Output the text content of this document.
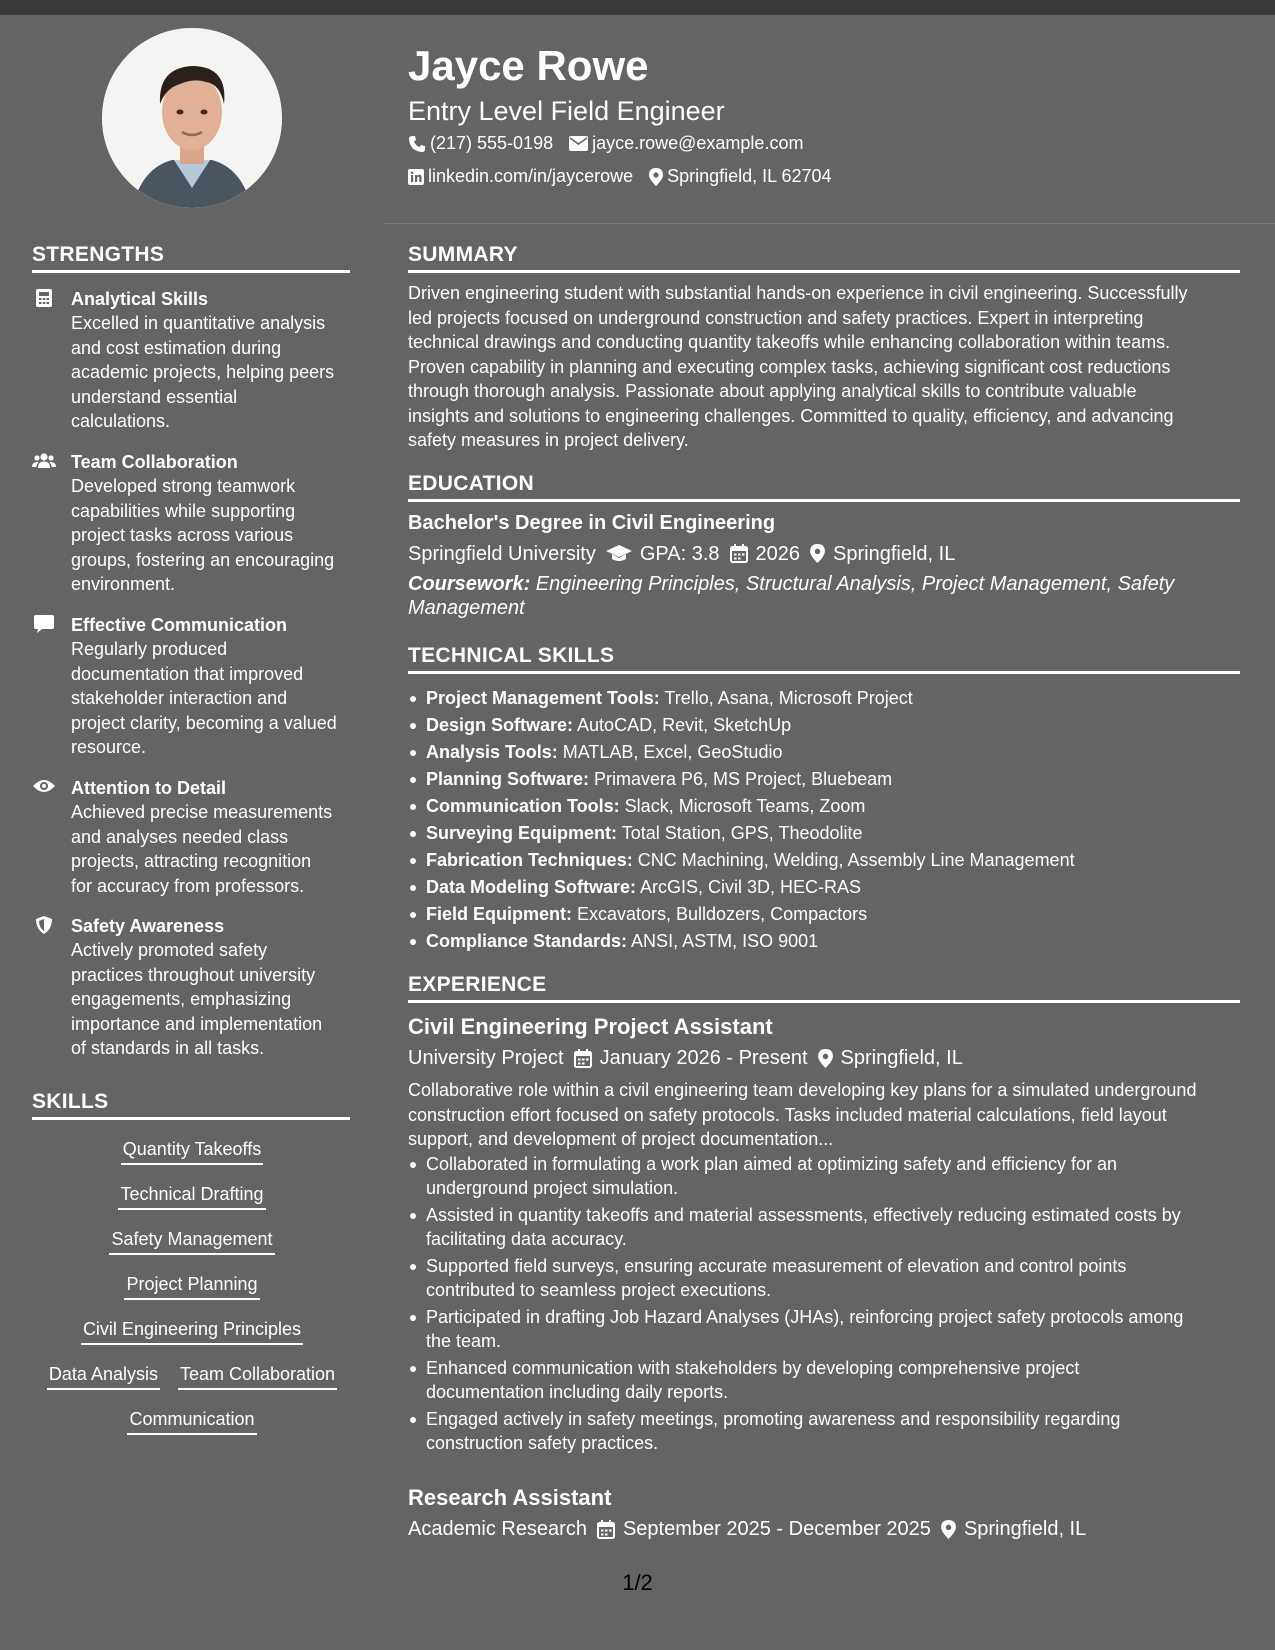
Jayce Rowe
Entry Level Field Engineer
(217) 555-0198 jayce.rowe@example.com
linkedin.com/in/jaycerowe Springfield, IL 62704
STRENGTHS
Analytical Skills
Excelled in quantitative analysis
and cost estimation during
academic projects, helping peers
understand essential
calculations.
Team Collaboration
Developed strong teamwork
capabilities while supporting
project tasks across various
groups, fostering an encouraging
environment.
Effective Communication
Regularly produced
documentation that improved
stakeholder interaction and
project clarity, becoming a valued
resource.
Attention to Detail
Achieved precise measurements
and analyses needed class
projects, attracting recognition
for accuracy from professors.
Safety Awareness
Actively promoted safety
practices throughout university
engagements, emphasizing
importance and implementation
of standards in all tasks.
SKILLS
Quantity Takeoffs
Technical Drafting
Safety Management
Project Planning
Civil Engineering Principles
Data Analysis Team Collaboration
Communication
SUMMARY
Driven engineering student with substantial hands-on experience in civil engineering. Successfully
led projects focused on underground construction and safety practices. Expert in interpreting
technical drawings and conducting quantity takeoffs while enhancing collaboration within teams.
Proven capability in planning and executing complex tasks, achieving significant cost reductions
through thorough analysis. Passionate about applying analytical skills to contribute valuable
insights and solutions to engineering challenges. Committed to quality, efficiency, and advancing
safety measures in project delivery.
EDUCATION
Bachelor's Degree in Civil Engineering
Springfield University GPA: 3.8 2026 Springfield, IL
Coursework: Engineering Principles, Structural Analysis, Project Management, Safety
Management
TECHNICAL SKILLS
Project Management Tools: Trello, Asana, Microsoft Project
Design Software: AutoCAD, Revit, SketchUp
Analysis Tools: MATLAB, Excel, GeoStudio
Planning Software: Primavera P6, MS Project, Bluebeam
Communication Tools: Slack, Microsoft Teams, Zoom
Surveying Equipment: Total Station, GPS, Theodolite
Fabrication Techniques: CNC Machining, Welding, Assembly Line Management
Data Modeling Software: ArcGIS, Civil 3D, HEC-RAS
Field Equipment: Excavators, Bulldozers, Compactors
Compliance Standards: ANSI, ASTM, ISO 9001
EXPERIENCE
Civil Engineering Project Assistant
University Project January 2026 - Present Springfield, IL
Collaborative role within a civil engineering team developing key plans for a simulated underground
construction effort focused on safety protocols. Tasks included material calculations, field layout
support, and development of project documentation...
Collaborated in formulating a work plan aimed at optimizing safety and efficiency for an
underground project simulation.
Assisted in quantity takeoffs and material assessments, effectively reducing estimated costs by
facilitating data accuracy.
Supported field surveys, ensuring accurate measurement of elevation and control points
contributed to seamless project executions.
Participated in drafting Job Hazard Analyses (JHAs), reinforcing project safety protocols among
the team.
Enhanced communication with stakeholders by developing comprehensive project
documentation including daily reports.
Engaged actively in safety meetings, promoting awareness and responsibility regarding
construction safety practices.
Research Assistant
Academic Research September 2025 - December 2025 Springfield, IL
1/2
